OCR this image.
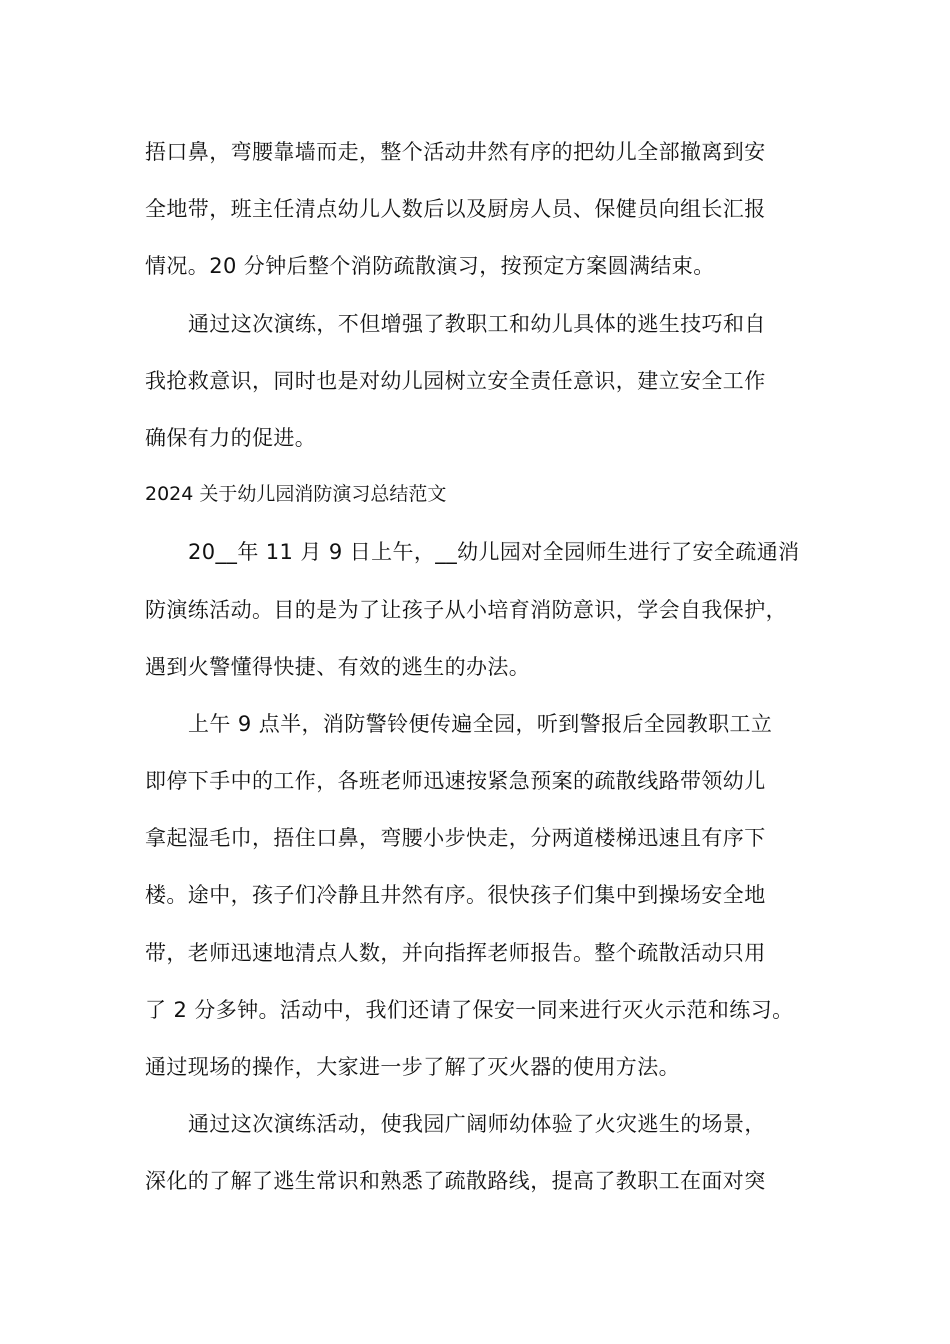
捂口鼻，弯腰靠墙而走，整个活动井然有序的把幼儿全部撤离到安
全地带，班主任清点幼儿人数后以及厨房人员、保健员向组长汇报
情况。20 分钟后整个消防疏散演习，按预定方案圆满结束。
通过这次演练，不但增强了教职工和幼儿具体的逃生技巧和自
我抢救意识，同时也是对幼儿园树立安全责任意识，建立安全工作
确保有力的促进。
2024 关于幼儿园消防演习总结范文
20__年 11 月 9 日上午，__幼儿园对全园师生进行了安全疏通消
防演练活动。目的是为了让孩子从小培育消防意识，学会自我保护，
遇到火警懂得快捷、有效的逃生的办法。
上午 9 点半，消防警铃便传遍全园，听到警报后全园教职工立
即停下手中的工作，各班老师迅速按紧急预案的疏散线路带领幼儿
拿起湿毛巾，捂住口鼻，弯腰小步快走，分两道楼梯迅速且有序下
楼。途中，孩子们冷静且井然有序。很快孩子们集中到操场安全地
带，老师迅速地清点人数，并向指挥老师报告。整个疏散活动只用
了 2 分多钟。活动中，我们还请了保安一同来进行灭火示范和练习。
通过现场的操作，大家进一步了解了灭火器的使用方法。
通过这次演练活动，使我园广阔师幼体验了火灾逃生的场景，
深化的了解了逃生常识和熟悉了疏散路线，提高了教职工在面对突
